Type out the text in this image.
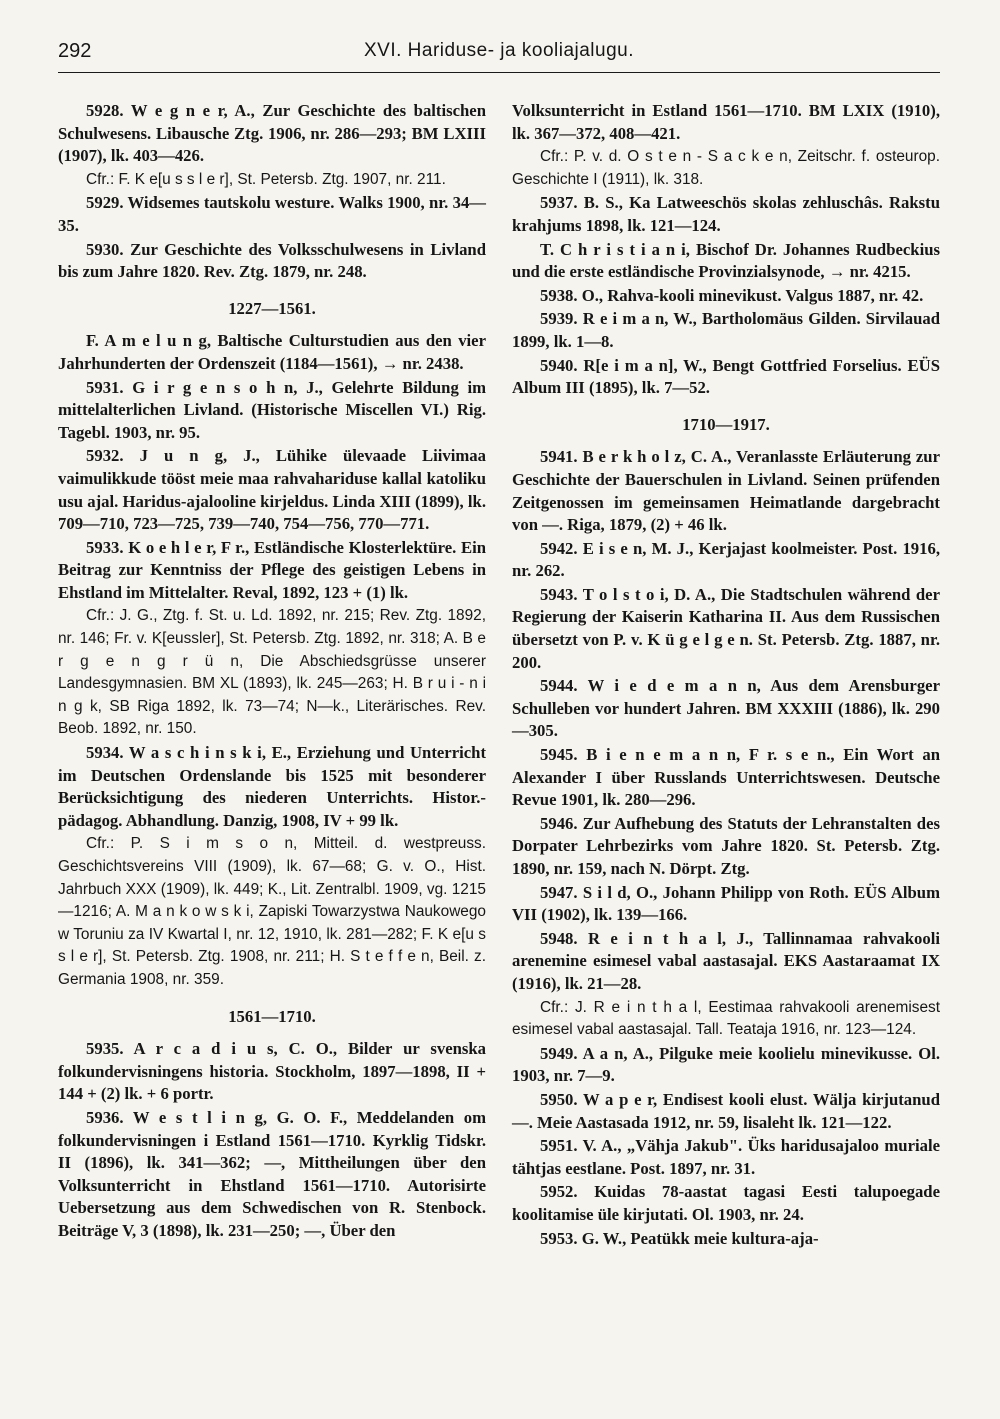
292	XVI. Hariduse- ja kooliajalugu.

5928. W e g n e r, A., Zur Geschichte des baltischen Schulwesens. Libausche Ztg. 1906, nr. 286—293; BM LXIII (1907), lk. 403—426.

Cfr.: F. K e[u s s l e r], St. Petersb. Ztg. 1907, nr. 211.

5929. Widsemes tautskolu westure. Walks 1900, nr. 34—35.

5930. Zur Geschichte des Volksschulwesens in Livland bis zum Jahre 1820. Rev. Ztg. 1879, nr. 248.

1227—1561.

F. A m e l u n g, Baltische Culturstudien aus den vier Jahrhunderten der Ordenszeit (1184—1561), → nr. 2438.

5931. G i r g e n s o h n, J., Gelehrte Bildung im mittelalterlichen Livland. (Historische Miscellen VI.) Rig. Tagebl. 1903, nr. 95.

5932. J u n g, J., Lühike ülevaade Liivimaa vaimulikkude tööst meie maa rahvahariduse kallal katoliku usu ajal. Haridus-ajalooline kirjeldus. Linda XIII (1899), lk. 709—710, 723—725, 739—740, 754—756, 770—771.

5933. K o e h l e r, F r., Estländische Klosterlektüre. Ein Beitrag zur Kenntniss der Pflege des geistigen Lebens in Ehstland im Mittelalter. Reval, 1892, 123 + (1) lk.

Cfr.: J. G., Ztg. f. St. u. Ld. 1892, nr. 215; Rev. Ztg. 1892, nr. 146; Fr. v. K[eussler], St. Petersb. Ztg. 1892, nr. 318; A. B e r g e n g r ü n, Die Abschiedsgrüsse unserer Landesgymnasien. BM XL (1893), lk. 245—263; H. B r u i - n i n g k, SB Riga 1892, lk. 73—74; N—k., Literärisches. Rev. Beob. 1892, nr. 150.

5934. W a s c h i n s k i, E., Erziehung und Unterricht im Deutschen Ordenslande bis 1525 mit besonderer Berücksichtigung des niederen Unterrichts. Histor.-pädagog. Abhandlung. Danzig, 1908, IV + 99 lk.

Cfr.: P. S i m s o n, Mitteil. d. westpreuss. Geschichtsvereins VIII (1909), lk. 67—68; G. v. O., Hist. Jahrbuch XXX (1909), lk. 449; K., Lit. Zentralbl. 1909, vg. 1215—1216; A. M a n k o w s k i, Zapiski Towarzystwa Naukowego w Toruniu za IV Kwartal I, nr. 12, 1910, lk. 281—282; F. K e[u s s l e r], St. Petersb. Ztg. 1908, nr. 211; H. S t e f f e n, Beil. z. Germania 1908, nr. 359.

1561—1710.

5935. A r c a d i u s, C. O., Bilder ur svenska folkundervisningens historia. Stockholm, 1897—1898, II + 144 + (2) lk. + 6 portr.

5936. W e s t l i n g, G. O. F., Meddelanden om folkundervisningen i Estland 1561—1710. Kyrklig Tidskr. II (1896), lk. 341—362; —, Mittheilungen über den Volksunterricht in Ehstland 1561—1710. Autorisirte Uebersetzung aus dem Schwedischen von R. Stenbock. Beiträge V, 3 (1898), lk. 231—250; —, Über den

Volksunterricht in Estland 1561—1710. BM LXIX (1910), lk. 367—372, 408—421.

Cfr.: P. v. d. O s t e n - S a c k e n, Zeitschr. f. osteurop. Geschichte I (1911), lk. 318.

5937. B. S., Ka Latweeschös skolas zehluschâs. Rakstu krahjums 1898, lk. 121—124.

T. C h r i s t i a n i, Bischof Dr. Johannes Rudbeckius und die erste estländische Provinzialsynode, → nr. 4215.

5938. O., Rahva-kooli minevikust. Valgus 1887, nr. 42.

5939. R e i m a n, W., Bartholomäus Gilden. Sirvilauad 1899, lk. 1—8.

5940. R[e i m a n], W., Bengt Gottfried Forselius. EÜS Album III (1895), lk. 7—52.

1710—1917.

5941. B e r k h o l z, C. A., Veranlasste Erläuterung zur Geschichte der Bauerschulen in Livland. Seinen prüfenden Zeitgenossen im gemeinsamen Heimatlande dargebracht von —. Riga, 1879, (2) + 46 lk.

5942. E i s e n, M. J., Kerjajast koolmeister. Post. 1916, nr. 262.

5943. T o l s t o i, D. A., Die Stadtschulen während der Regierung der Kaiserin Katharina II. Aus dem Russischen übersetzt von P. v. K ü g e l g e n. St. Petersb. Ztg. 1887, nr. 200.

5944. W i e d e m a n n, Aus dem Arensburger Schulleben vor hundert Jahren. BM XXXIII (1886), lk. 290—305.

5945. B i e n e m a n n, F r. s e n., Ein Wort an Alexander I über Russlands Unterrichtswesen. Deutsche Revue 1901, lk. 280—296.

5946. Zur Aufhebung des Statuts der Lehranstalten des Dorpater Lehrbezirks vom Jahre 1820. St. Petersb. Ztg. 1890, nr. 159, nach N. Dörpt. Ztg.

5947. S i l d, O., Johann Philipp von Roth. EÜS Album VII (1902), lk. 139—166.

5948. R e i n t h a l, J., Tallinnamaa rahvakooli arenemine esimesel vabal aastasajal. EKS Aastaraamat IX (1916), lk. 21—28.

Cfr.: J. R e i n t h a l, Eestimaa rahvakooli arenemisest esimesel vabal aastasajal. Tall. Teataja 1916, nr. 123—124.

5949. A a n, A., Pilguke meie koolielu minevikusse. Ol. 1903, nr. 7—9.

5950. W a p e r, Endisest kooli elust. Wälja kirjutanud —. Meie Aastasada 1912, nr. 59, lisaleht lk. 121—122.

5951. V. A., „Vähja Jakub". Üks haridusajaloo muriale tähtjas eestlane. Post. 1897, nr. 31.

5952. Kuidas 78-aastat tagasi Eesti talupoegade koolitamise üle kirjutati. Ol. 1903, nr. 24.

5953. G. W., Peatükk meie kultura-aja-
